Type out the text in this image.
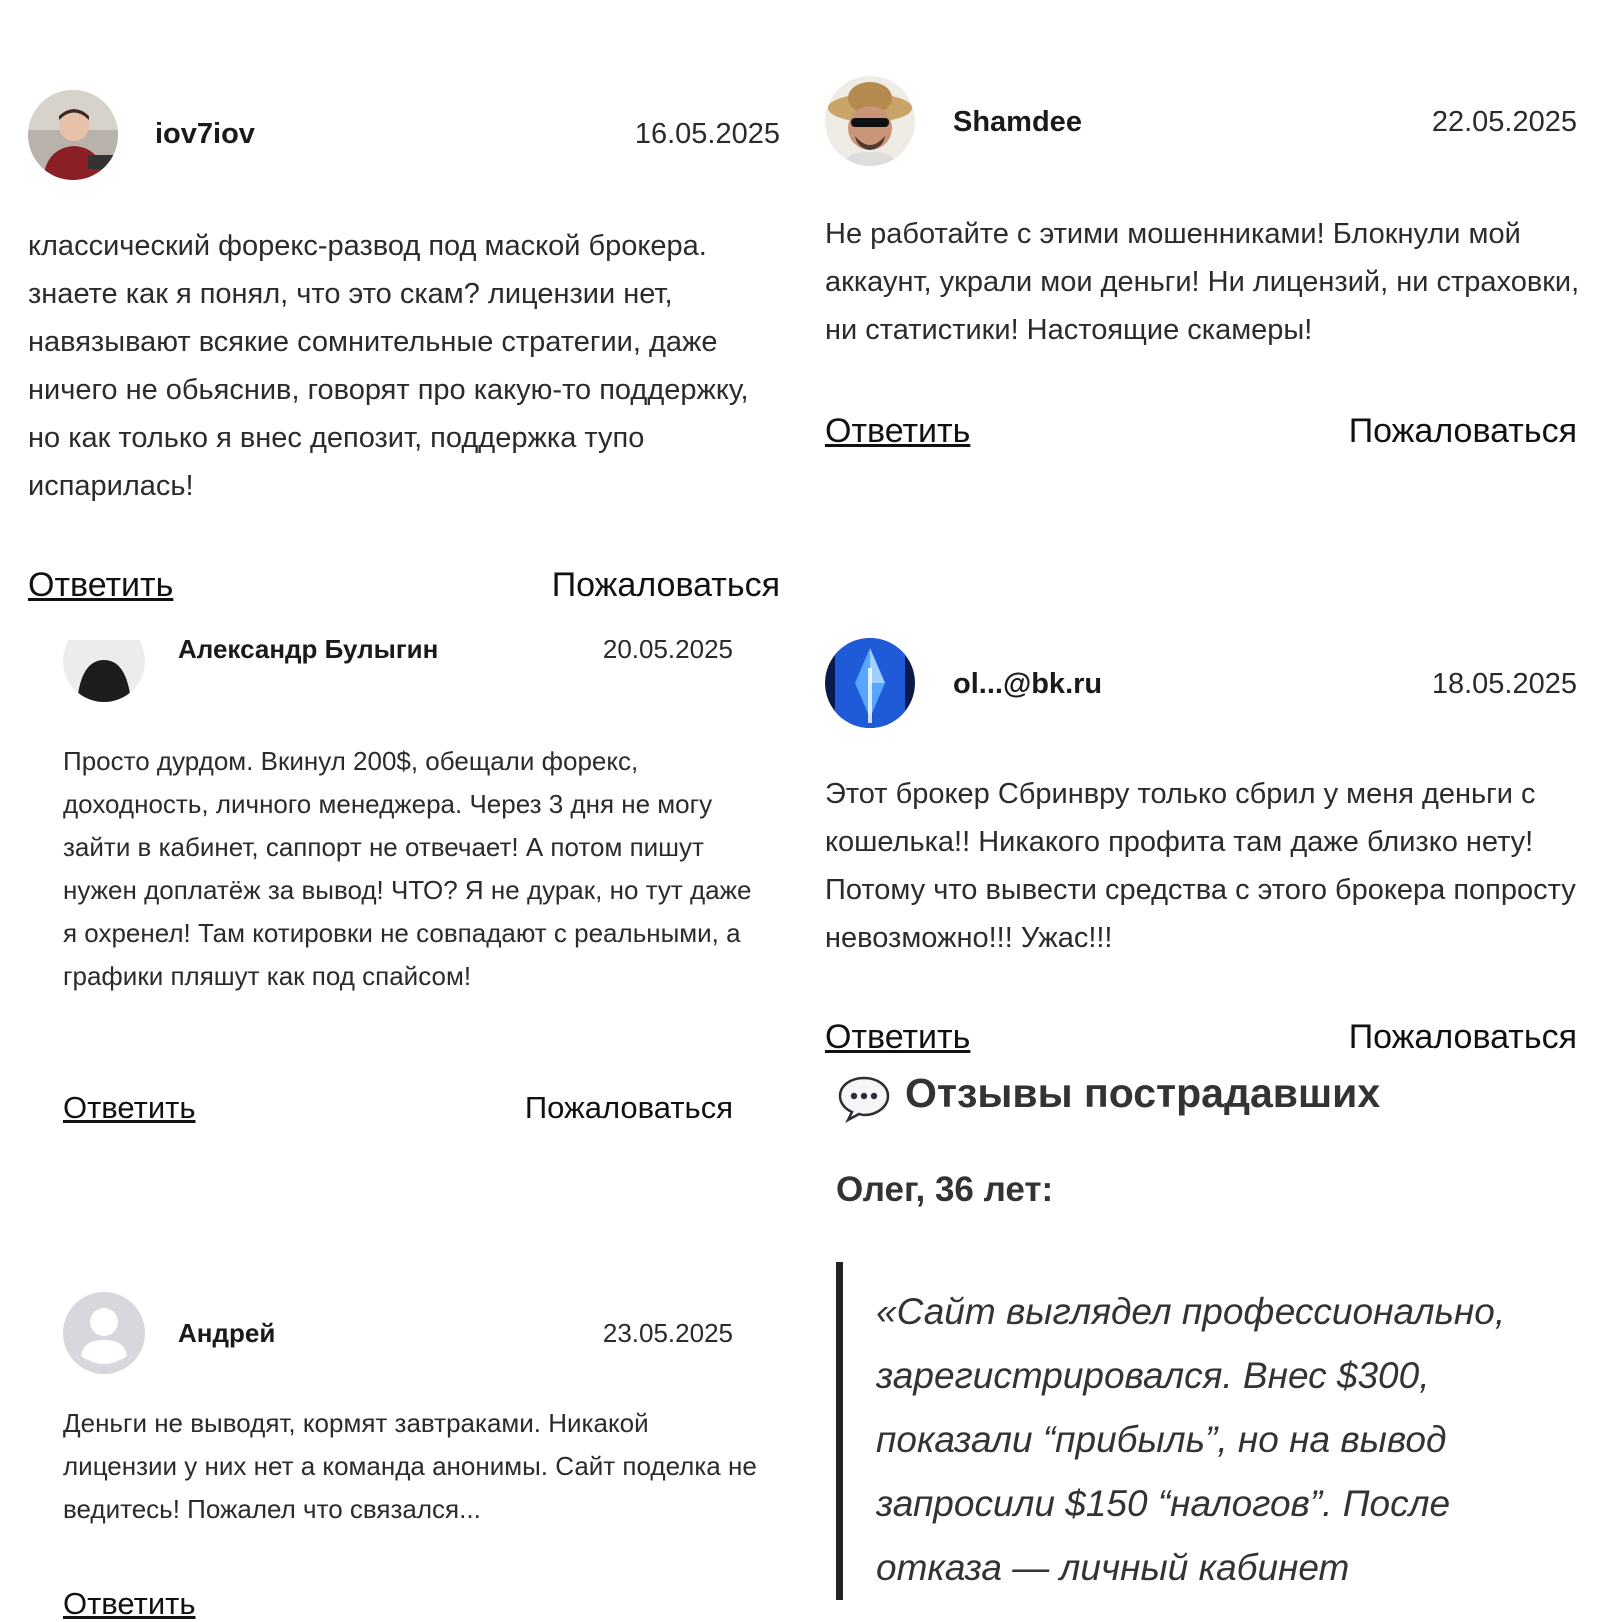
iov7iov	16.05.2025
классический форекс-развод под маской брокера. знаете как я понял, что это скам? лицензии нет, навязывают всякие сомнительные стратегии, даже ничего не обьяснив, говорят про какую-то поддержку, но как только я внес депозит, поддержка тупо испарилась!
Ответить	Пожаловаться
Shamdee	22.05.2025
Не работайте с этими мошенниками! Блокнули мой аккаунт, украли мои деньги! Ни лицензий, ни страховки, ни статистики! Настоящие скамеры!
Ответить	Пожаловаться
Александр Булыгин	20.05.2025
Просто дурдом. Вкинул 200$, обещали форекс, доходность, личного менеджера. Через 3 дня не могу зайти в кабинет, саппорт не отвечает! А потом пишут нужен доплатёж за вывод! ЧТО? Я не дурак, но тут даже я охренел! Там котировки не совпадают с реальными, а графики пляшут как под спайсом!
Ответить	Пожаловаться
ol...@bk.ru	18.05.2025
Этот брокер Сбринвру только сбрил у меня деньги с кошелька!! Никакого профита там даже близко нету! Потому что вывести средства с этого брокера попросту невозможно!!! Ужас!!!
Ответить	Пожаловаться
Андрей	23.05.2025
Деньги не выводят, кормят завтраками. Никакой лицензии у них нет а команда анонимы. Сайт поделка не ведитесь! Пожалел что связался...
Ответить
Отзывы пострадавших
Олег, 36 лет:
«Сайт выглядел профессионально, зарегистрировался. Внес $300, показали “прибыль”, но на вывод запросили $150 “налогов”. После отказа — личный кабинет
